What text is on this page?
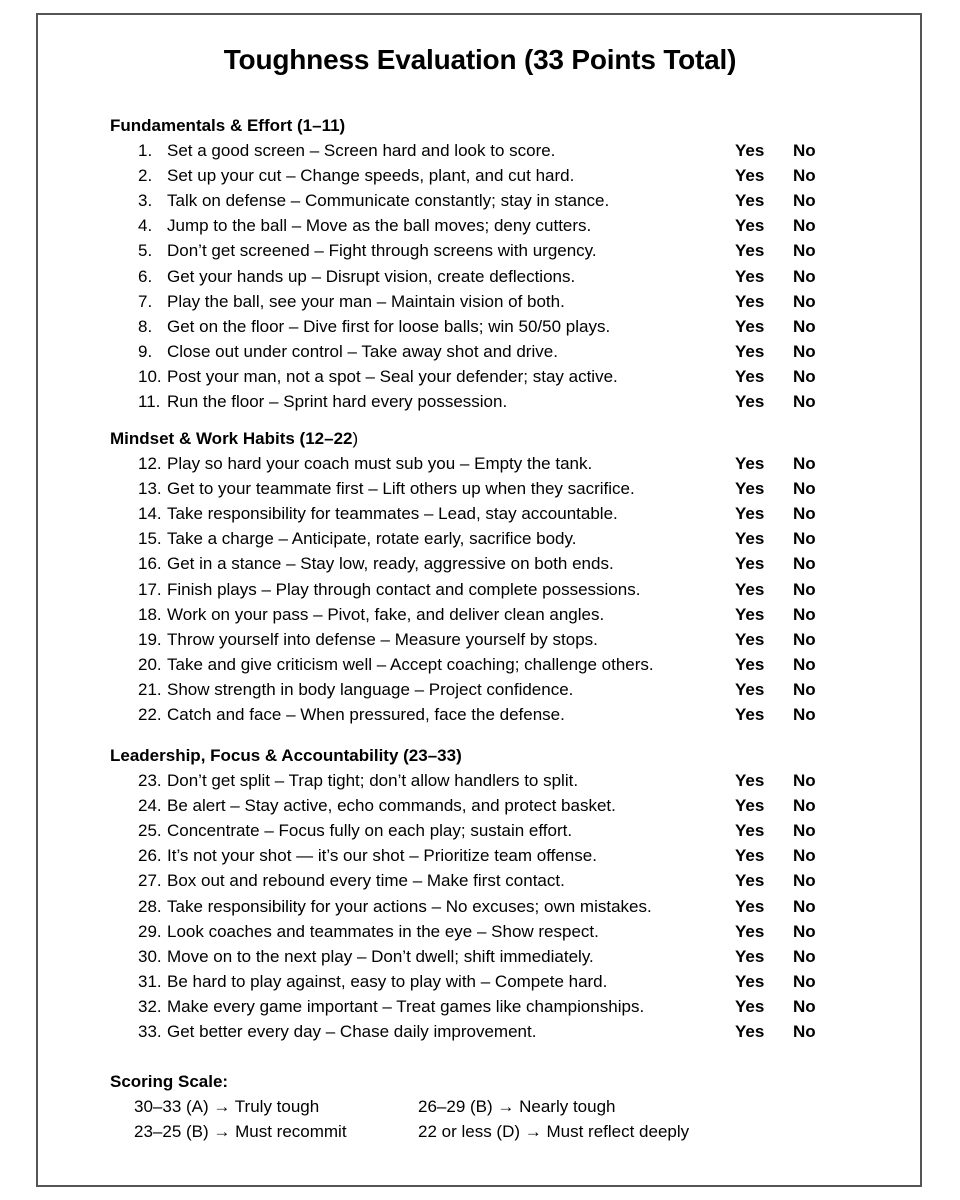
Toughness Evaluation (33 Points Total)
Fundamentals & Effort (1–11)
1. Set a good screen – Screen hard and look to score.	Yes No
2. Set up your cut – Change speeds, plant, and cut hard.	Yes No
3. Talk on defense – Communicate constantly; stay in stance.	Yes No
4. Jump to the ball – Move as the ball moves; deny cutters.	Yes No
5. Don’t get screened – Fight through screens with urgency.	Yes No
6. Get your hands up – Disrupt vision, create deflections.	Yes No
7. Play the ball, see your man – Maintain vision of both.	Yes No
8. Get on the floor – Dive first for loose balls; win 50/50 plays.	Yes No
9. Close out under control – Take away shot and drive.	Yes No
10. Post your man, not a spot – Seal your defender; stay active.	Yes No
11. Run the floor – Sprint hard every possession.	Yes No
Mindset & Work Habits (12–22)
12. Play so hard your coach must sub you – Empty the tank.	Yes No
13. Get to your teammate first – Lift others up when they sacrifice.	Yes No
14. Take responsibility for teammates – Lead, stay accountable.	Yes No
15. Take a charge – Anticipate, rotate early, sacrifice body.	Yes No
16. Get in a stance – Stay low, ready, aggressive on both ends.	Yes No
17. Finish plays – Play through contact and complete possessions.	Yes No
18. Work on your pass – Pivot, fake, and deliver clean angles.	Yes No
19. Throw yourself into defense – Measure yourself by stops.	Yes No
20. Take and give criticism well – Accept coaching; challenge others.	Yes No
21. Show strength in body language – Project confidence.	Yes No
22. Catch and face – When pressured, face the defense.	Yes No
Leadership, Focus & Accountability (23–33)
23. Don’t get split – Trap tight; don’t allow handlers to split.	Yes No
24. Be alert – Stay active, echo commands, and protect basket.	Yes No
25. Concentrate – Focus fully on each play; sustain effort.	Yes No
26. It’s not your shot — it’s our shot – Prioritize team offense.	Yes No
27. Box out and rebound every time – Make first contact.	Yes No
28. Take responsibility for your actions – No excuses; own mistakes.	Yes No
29. Look coaches and teammates in the eye – Show respect.	Yes No
30. Move on to the next play – Don’t dwell; shift immediately.	Yes No
31. Be hard to play against, easy to play with – Compete hard.	Yes No
32. Make every game important – Treat games like championships.	Yes No
33. Get better every day – Chase daily improvement.	Yes No
Scoring Scale:
30–33 (A) → Truly tough	26–29 (B) → Nearly tough
23–25 (B) → Must recommit	22 or less (D) → Must reflect deeply
